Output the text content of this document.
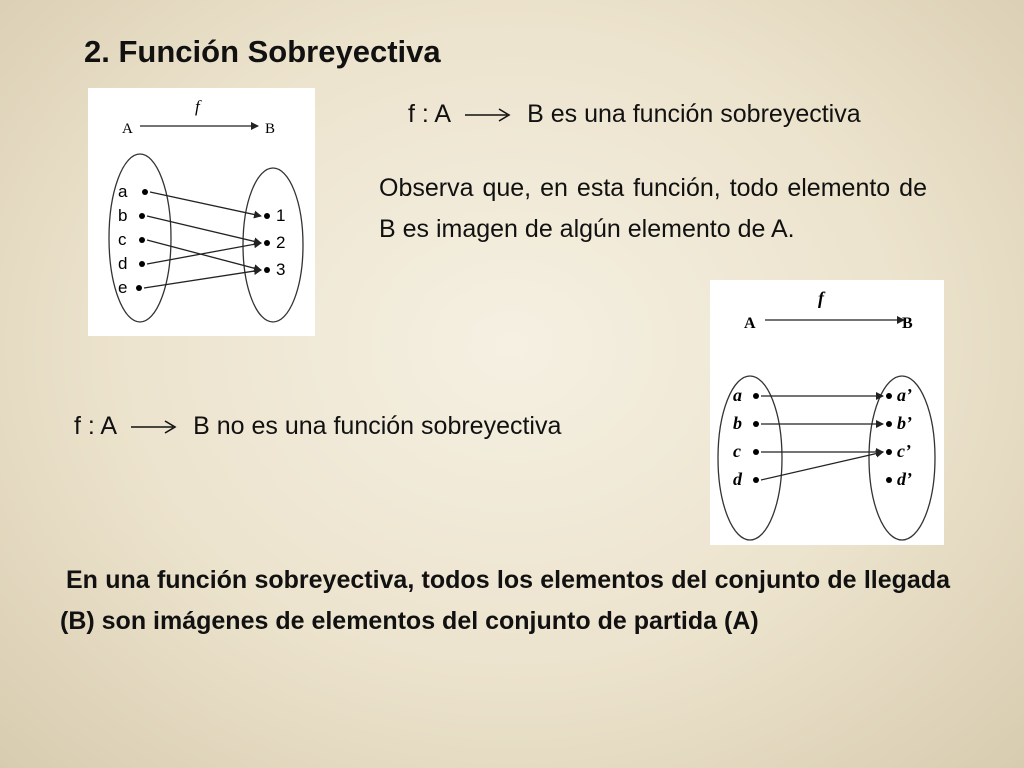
2. Función Sobreyectiva
f
A	B
a
b
c
d
e
1
2
3
f : A	B es una función sobreyectiva
Observa que, en esta función, todo elemento de B es imagen de algún elemento de A.
f
A	B
a
b
c
d
a’
b’
c’
d’
f : A	B no es una función sobreyectiva
En una función sobreyectiva, todos los elementos del conjunto de llegada (B) son imágenes de elementos del conjunto de partida (A)
